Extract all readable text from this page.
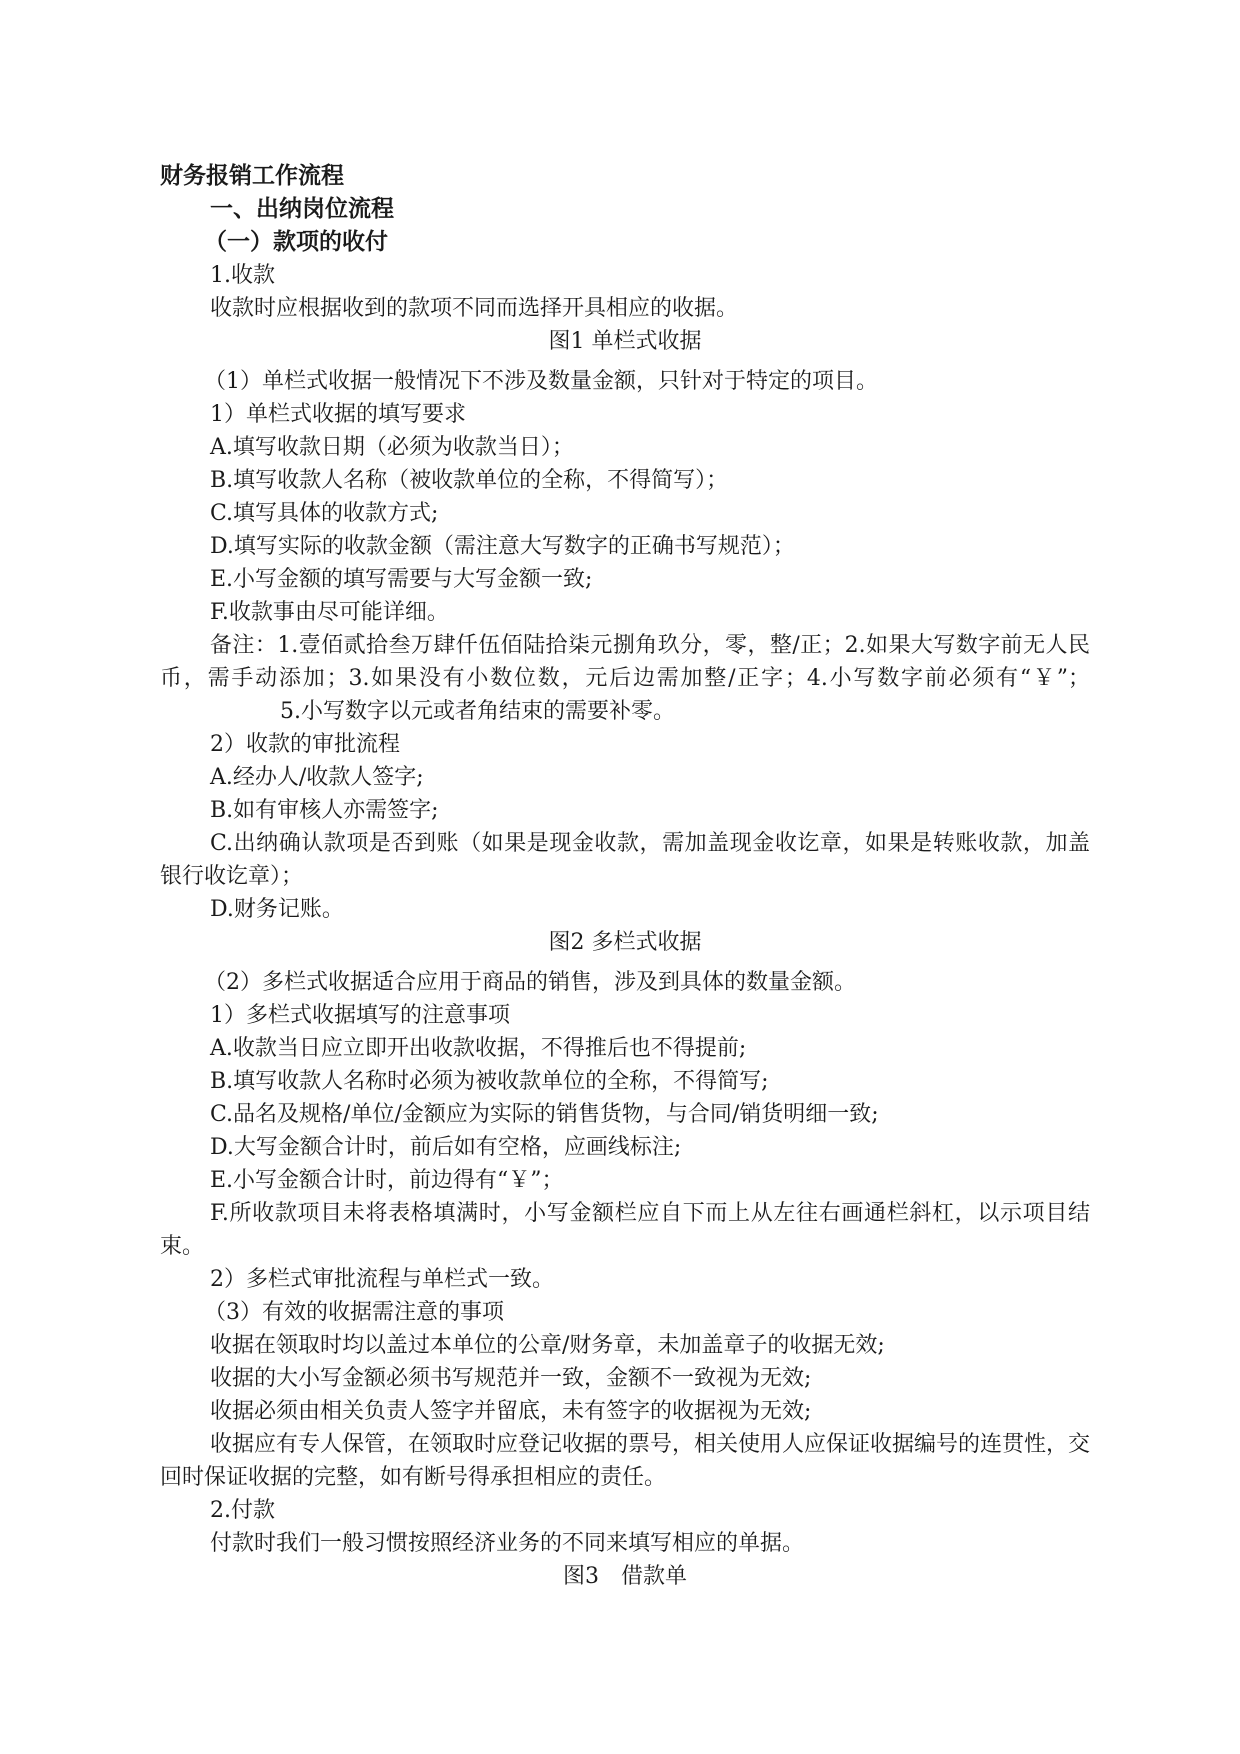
财务报销工作流程
一、出纳岗位流程
（一）款项的收付
1.收款
收款时应根据收到的款项不同而选择开具相应的收据。
图1 单栏式收据
（1）单栏式收据一般情况下不涉及数量金额，只针对于特定的项目。
1）单栏式收据的填写要求
A.填写收款日期（必须为收款当日）；
B.填写收款人名称（被收款单位的全称，不得简写）；
C.填写具体的收款方式;
D.填写实际的收款金额（需注意大写数字的正确书写规范）；
E.小写金额的填写需要与大写金额一致;
F.收款事由尽可能详细。
备注：1.壹佰贰拾叁万肆仟伍佰陆拾柒元捌角玖分，零，整/正；2.如果大写数字前无人民币，需手动添加；3.如果没有小数位数，元后边需加整/正字；4.小写数字前必须有“￥”；5.小写数字以元或者角结束的需要补零。
2）收款的审批流程
A.经办人/收款人签字;
B.如有审核人亦需签字;
C.出纳确认款项是否到账（如果是现金收款，需加盖现金收讫章，如果是转账收款，加盖银行收讫章）；
D.财务记账。
图2 多栏式收据
（2）多栏式收据适合应用于商品的销售，涉及到具体的数量金额。
1）多栏式收据填写的注意事项
A.收款当日应立即开出收款收据，不得推后也不得提前;
B.填写收款人名称时必须为被收款单位的全称，不得简写;
C.品名及规格/单位/金额应为实际的销售货物，与合同/销货明细一致;
D.大写金额合计时，前后如有空格，应画线标注;
E.小写金额合计时，前边得有“￥”；
F.所收款项目未将表格填满时，小写金额栏应自下而上从左往右画通栏斜杠，以示项目结束。
2）多栏式审批流程与单栏式一致。
（3）有效的收据需注意的事项
收据在领取时均以盖过本单位的公章/财务章，未加盖章子的收据无效;
收据的大小写金额必须书写规范并一致，金额不一致视为无效;
收据必须由相关负责人签字并留底，未有签字的收据视为无效;
收据应有专人保管，在领取时应登记收据的票号，相关使用人应保证收据编号的连贯性，交回时保证收据的完整，如有断号得承担相应的责任。
2.付款
付款时我们一般习惯按照经济业务的不同来填写相应的单据。
图3　借款单
